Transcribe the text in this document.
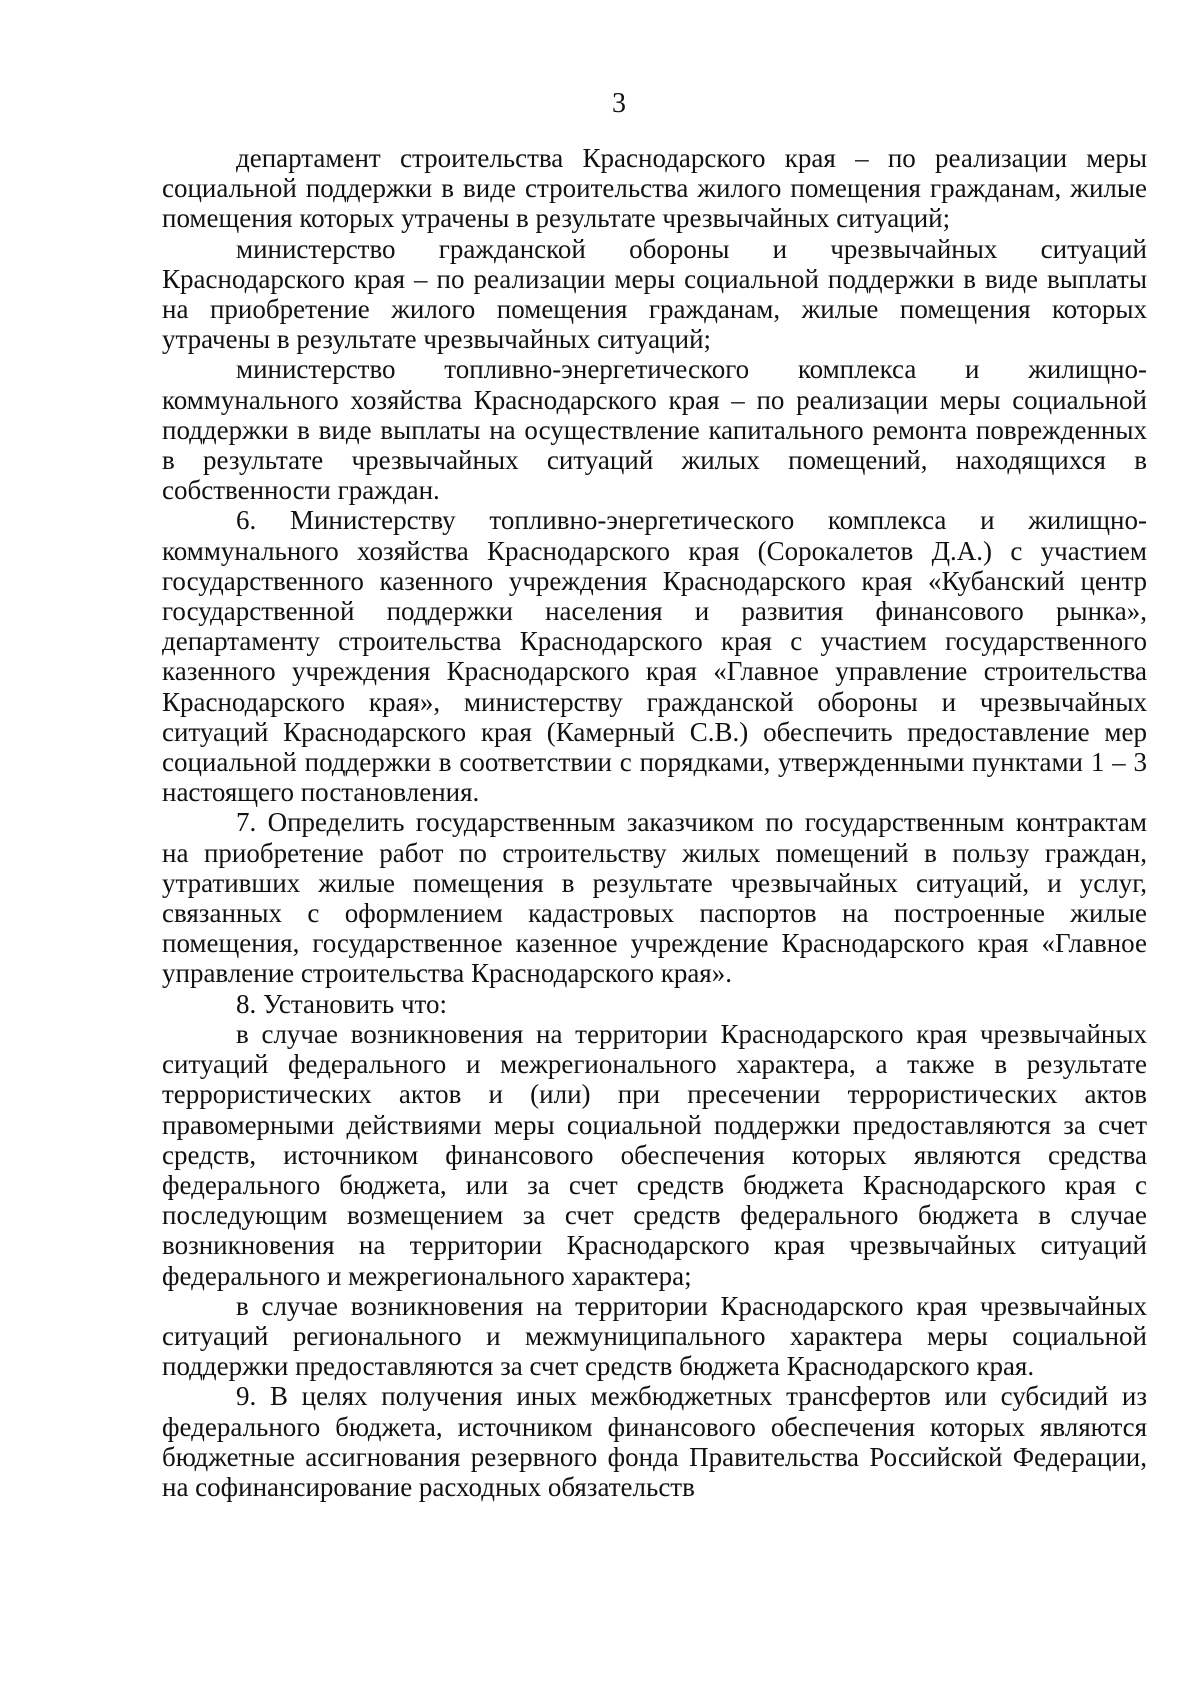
3

департамент строительства Краснодарского края – по реализации меры социальной поддержки в виде строительства жилого помещения гражданам, жилые помещения которых утрачены в результате чрезвычайных ситуаций;

министерство гражданской обороны и чрезвычайных ситуаций Краснодарского края – по реализации меры социальной поддержки в виде выплаты на приобретение жилого помещения гражданам, жилые помещения которых утрачены в результате чрезвычайных ситуаций;

министерство топливно-энергетического комплекса и жилищно-коммунального хозяйства Краснодарского края – по реализации меры социальной поддержки в виде выплаты на осуществление капитального ремонта поврежденных в результате чрезвычайных ситуаций жилых помещений, находящихся в собственности граждан.

6. Министерству топливно-энергетического комплекса и жилищно-коммунального хозяйства Краснодарского края (Сорокалетов Д.А.) с участием государственного казенного учреждения Краснодарского края «Кубанский центр государственной поддержки населения и развития финансового рынка», департаменту строительства Краснодарского края с участием государственного казенного учреждения Краснодарского края «Главное управление строительства Краснодарского края», министерству гражданской обороны и чрезвычайных ситуаций Краснодарского края (Камерный С.В.) обеспечить предоставление мер социальной поддержки в соответствии с порядками, утвержденными пунктами 1 – 3 настоящего постановления.

7. Определить государственным заказчиком по государственным контрактам на приобретение работ по строительству жилых помещений в пользу граждан, утративших жилые помещения в результате чрезвычайных ситуаций, и услуг, связанных с оформлением кадастровых паспортов на построенные жилые помещения, государственное казенное учреждение Краснодарского края «Главное управление строительства Краснодарского края».

8. Установить что:

в случае возникновения на территории Краснодарского края чрезвычайных ситуаций федерального и межрегионального характера, а также в результате террористических актов и (или) при пресечении террористических актов правомерными действиями меры социальной поддержки предоставляются за счет средств, источником финансового обеспечения которых являются средства федерального бюджета, или за счет средств бюджета Краснодарского края с последующим возмещением за счет средств федерального бюджета в случае возникновения на территории Краснодарского края чрезвычайных ситуаций федерального и межрегионального характера;

в случае возникновения на территории Краснодарского края чрезвычайных ситуаций регионального и межмуниципального характера меры социальной поддержки предоставляются за счет средств бюджета Краснодарского края.

9. В целях получения иных межбюджетных трансфертов или субсидий из федерального бюджета, источником финансового обеспечения которых являются бюджетные ассигнования резервного фонда Правительства Российской Федерации, на софинансирование расходных обязательств
